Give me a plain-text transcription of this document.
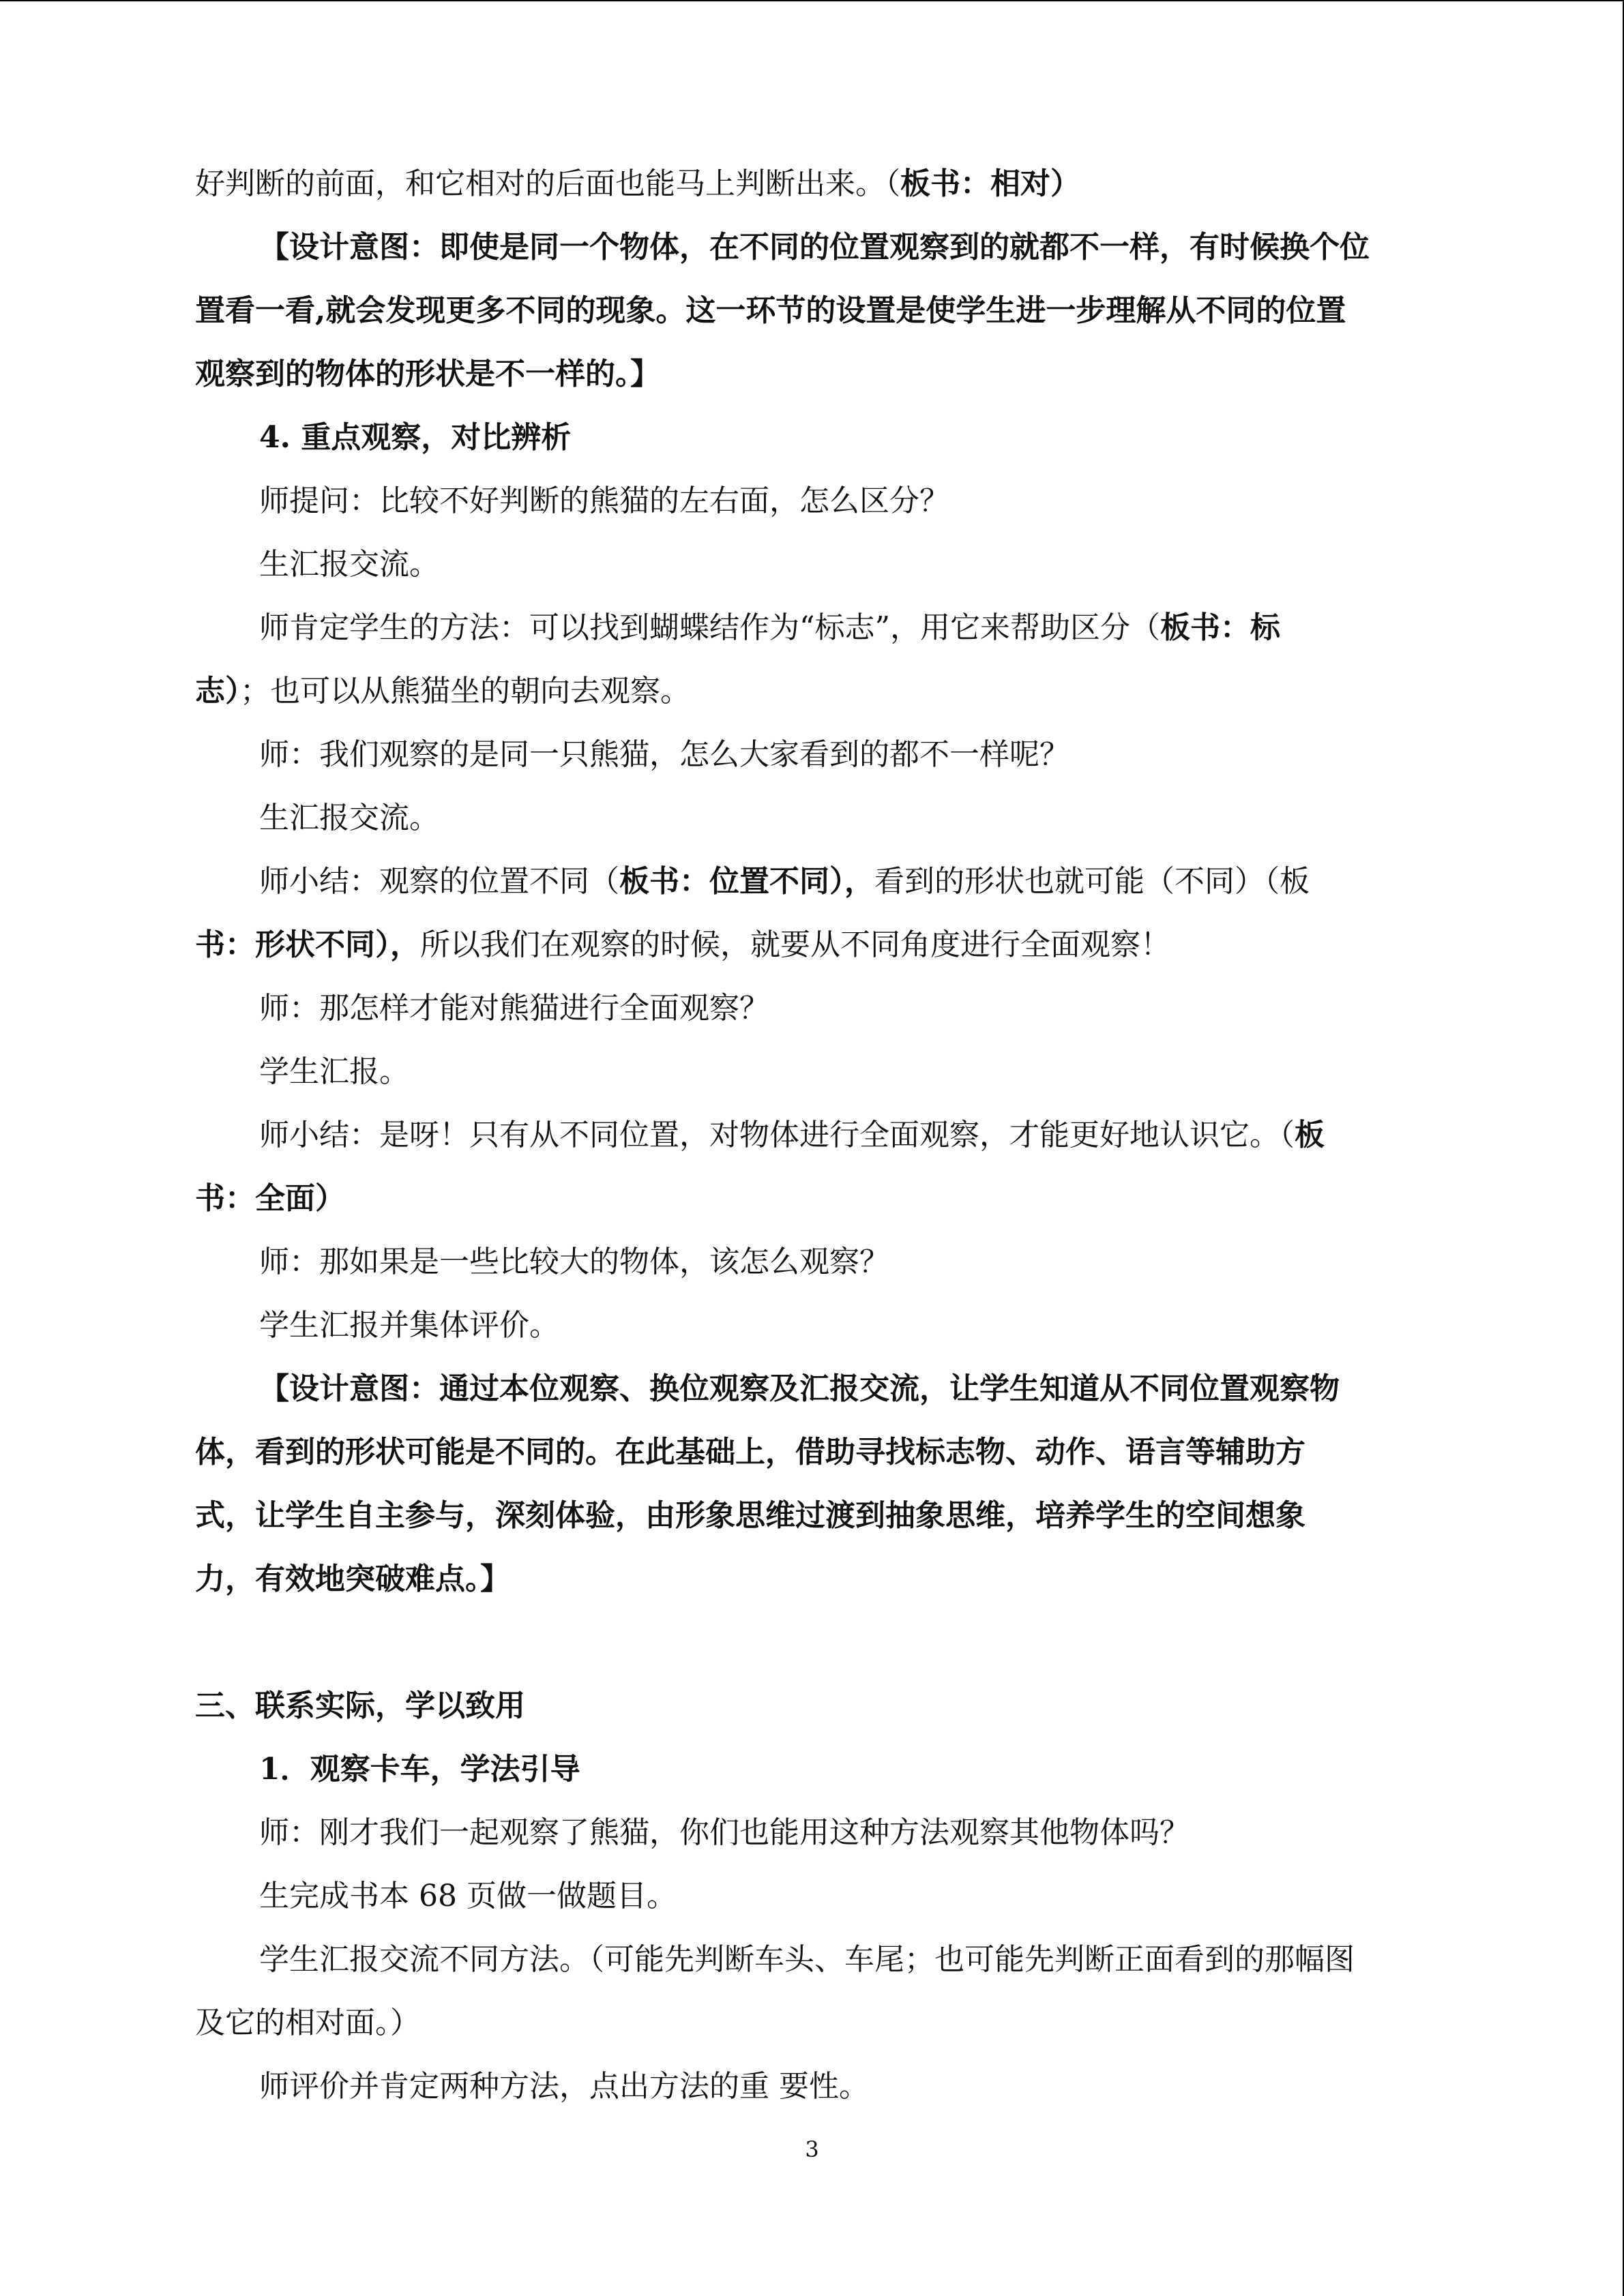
好判断的前面，和它相对的后面也能马上判断出来。（板书：相对）
【设计意图：即使是同一个物体，在不同的位置观察到的就都不一样，有时候换个位
置看一看,就会发现更多不同的现象。这一环节的设置是使学生进一步理解从不同的位置
观察到的物体的形状是不一样的。】
4. 重点观察，对比辨析
师提问：比较不好判断的熊猫的左右面，怎么区分？
生汇报交流。
师肯定学生的方法：可以找到蝴蝶结作为“标志”，用它来帮助区分（板书：标
志）；也可以从熊猫坐的朝向去观察。
师：我们观察的是同一只熊猫，怎么大家看到的都不一样呢？
生汇报交流。
师小结：观察的位置不同（板书：位置不同），看到的形状也就可能（不同）（板
书：形状不同），所以我们在观察的时候，就要从不同角度进行全面观察！
师：那怎样才能对熊猫进行全面观察？
学生汇报。
师小结：是呀！只有从不同位置，对物体进行全面观察，才能更好地认识它。（板
书：全面）
师：那如果是一些比较大的物体，该怎么观察？
学生汇报并集体评价。
【设计意图：通过本位观察、换位观察及汇报交流，让学生知道从不同位置观察物
体，看到的形状可能是不同的。在此基础上，借助寻找标志物、动作、语言等辅助方
式，让学生自主参与，深刻体验，由形象思维过渡到抽象思维，培养学生的空间想象
力，有效地突破难点。】
三、联系实际，学以致用
1．观察卡车，学法引导
师：刚才我们一起观察了熊猫，你们也能用这种方法观察其他物体吗？
生完成书本 68 页做一做题目。
学生汇报交流不同方法。（可能先判断车头、车尾；也可能先判断正面看到的那幅图
及它的相对面。）
师评价并肯定两种方法，点出方法的重 要性。
3
